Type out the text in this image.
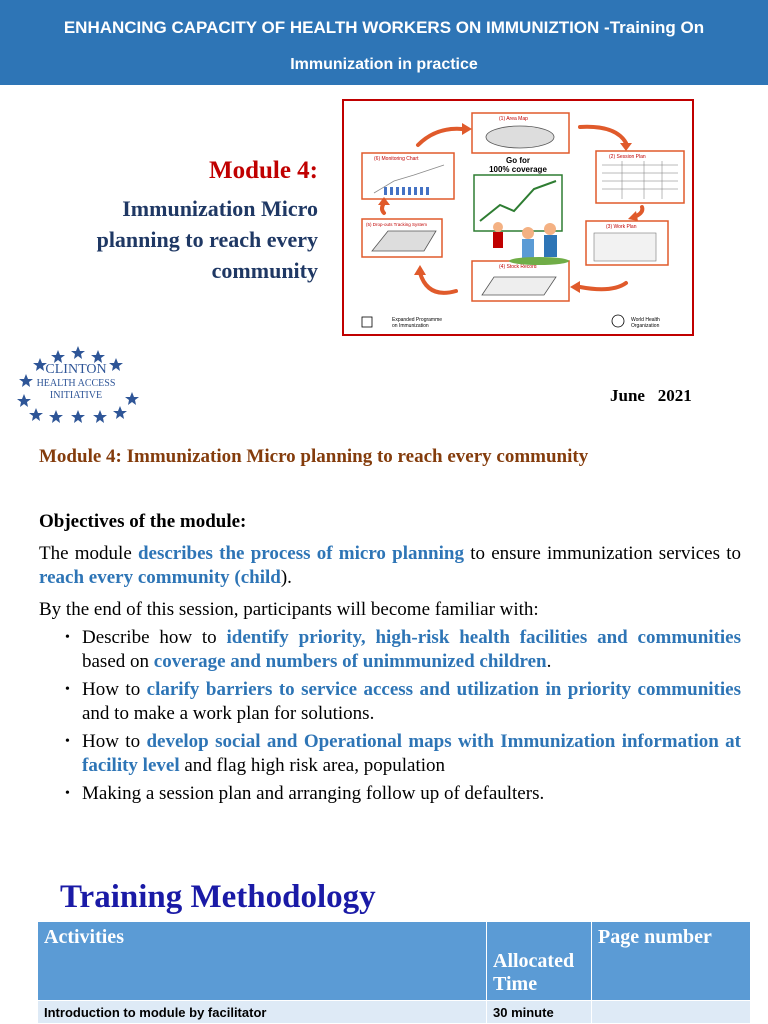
ENHANCING CAPACITY OF HEALTH WORKERS ON IMMUNIZTION -Training On
Immunization in practice
Module 4:
Immunization Micro
planning to reach every
community
(1) Area Map
(2) Session Plan
(3) Work Plan
(4) Stock Record
(5) Drop-outs Tracking System
(6) Monitoring Chart	Go for
100% coverage
Expanded Programme
on Immunization
World Health
Organization
CLINTON
HEALTH ACCESS
INITIATIVE	June   2021
Module 4: Immunization Micro planning to reach every community
Objectives of the module:
The module describes the process of micro planning to ensure immunization services to reach every community (child).
By the end of this session, participants will become familiar with:
• Describe how to identify priority, high-risk health facilities and communities based on coverage and numbers of unimmunized children.
• How to clarify barriers to service access and utilization in priority communities and to make a work plan for solutions.
• How to develop social and Operational maps with Immunization information at facility level and flag high risk area, population
• Making a session plan and arranging follow up of defaulters.
Training Methodology
Activities	Allocated Time	Page number
Introduction to module by facilitator	30 minute	
